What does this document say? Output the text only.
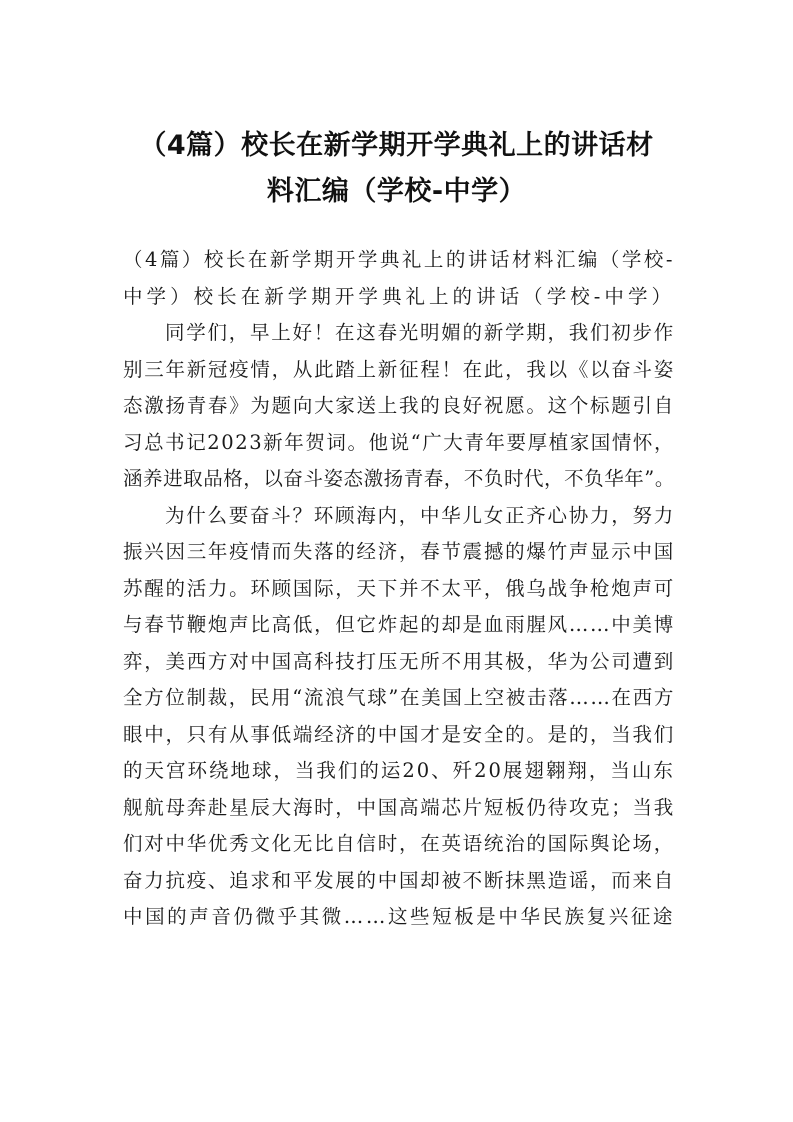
（4篇）校长在新学期开学典礼上的讲话材
料汇编（学校-中学）
（4篇）校长在新学期开学典礼上的讲话材料汇编（学校-
中学）校长在新学期开学典礼上的讲话（学校-中学）
同学们，早上好！在这春光明媚的新学期，我们初步作
别三年新冠疫情，从此踏上新征程！在此，我以《以奋斗姿
态激扬青春》为题向大家送上我的良好祝愿。这个标题引自
习总书记2023新年贺词。他说“广大青年要厚植家国情怀，
涵养进取品格，以奋斗姿态激扬青春，不负时代，不负华年”。
为什么要奋斗？环顾海内，中华儿女正齐心协力，努力
振兴因三年疫情而失落的经济，春节震撼的爆竹声显示中国
苏醒的活力。环顾国际，天下并不太平，俄乌战争枪炮声可
与春节鞭炮声比高低，但它炸起的却是血雨腥风……中美博
弈，美西方对中国高科技打压无所不用其极，华为公司遭到
全方位制裁，民用“流浪气球”在美国上空被击落……在西方
眼中，只有从事低端经济的中国才是安全的。是的，当我们
的天宫环绕地球，当我们的运20、歼20展翅翱翔，当山东
舰航母奔赴星辰大海时，中国高端芯片短板仍待攻克；当我
们对中华优秀文化无比自信时，在英语统治的国际舆论场，
奋力抗疫、追求和平发展的中国却被不断抹黑造谣，而来自
中国的声音仍微乎其微……这些短板是中华民族复兴征途
